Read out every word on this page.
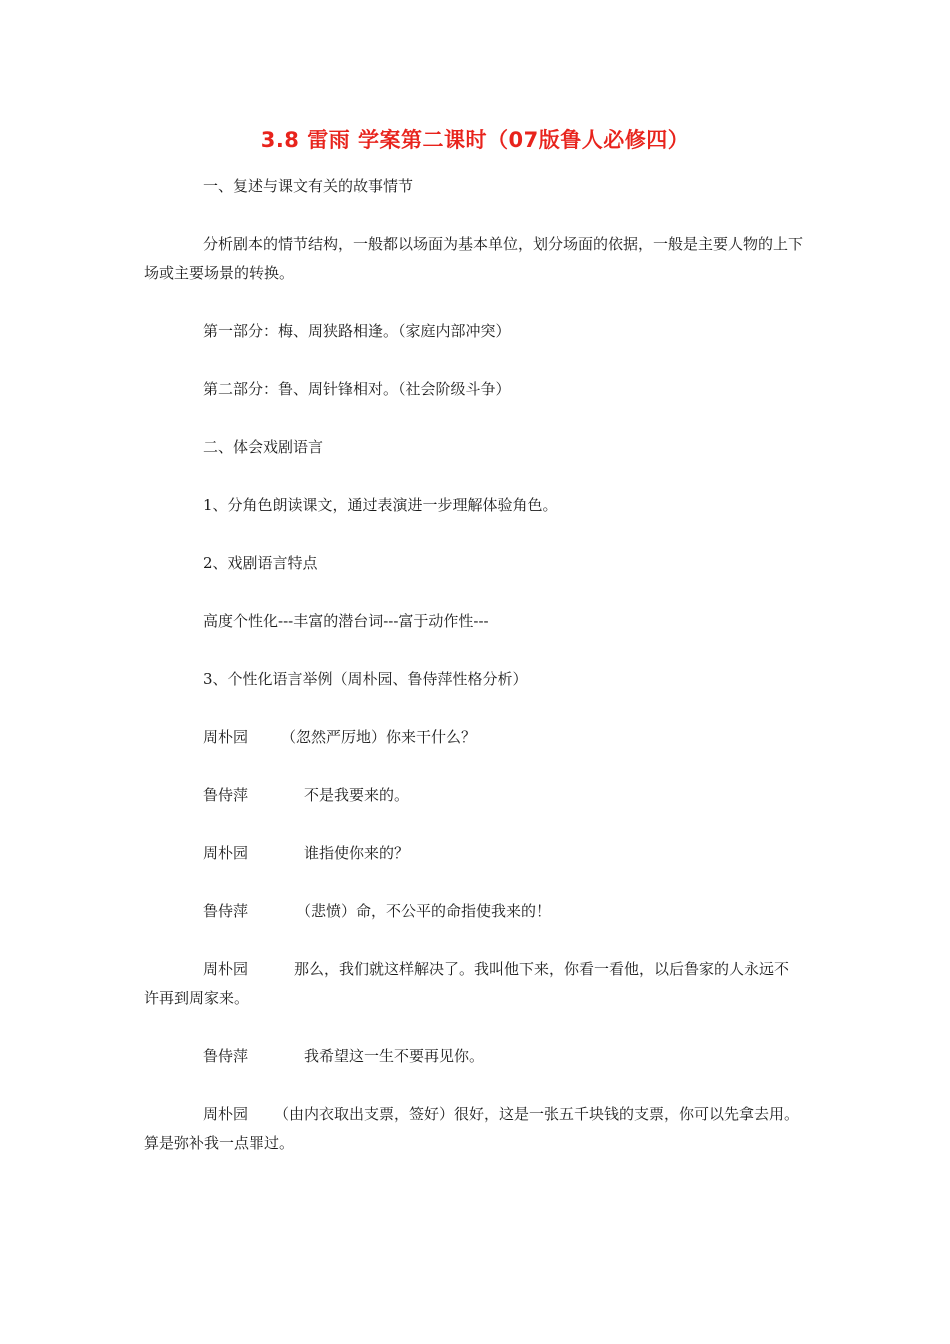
3.8 雷雨 学案第二课时（07版鲁人必修四）

一、复述与课文有关的故事情节

分析剧本的情节结构，一般都以场面为基本单位，划分场面的依据，一般是主要人物的上下场或主要场景的转换。

第一部分：梅、周狭路相逢。（家庭内部冲突）

第二部分：鲁、周针锋相对。（社会阶级斗争）

二、体会戏剧语言

1、分角色朗读课文，通过表演进一步理解体验角色。

2、戏剧语言特点

高度个性化---丰富的潜台词---富于动作性---

3、个性化语言举例（周朴园、鲁侍萍性格分析）

周朴园 （忽然严厉地）你来干什么？

鲁侍萍	不是我要来的。

周朴园	谁指使你来的？

鲁侍萍	（悲愤）命，不公平的命指使我来的！

周朴园	那么，我们就这样解决了。我叫他下来，你看一看他，以后鲁家的人永远不许再到周家来。

鲁侍萍	我希望这一生不要再见你。

周朴园 （由内衣取出支票，签好）很好，这是一张五千块钱的支票，你可以先拿去用。算是弥补我一点罪过。
